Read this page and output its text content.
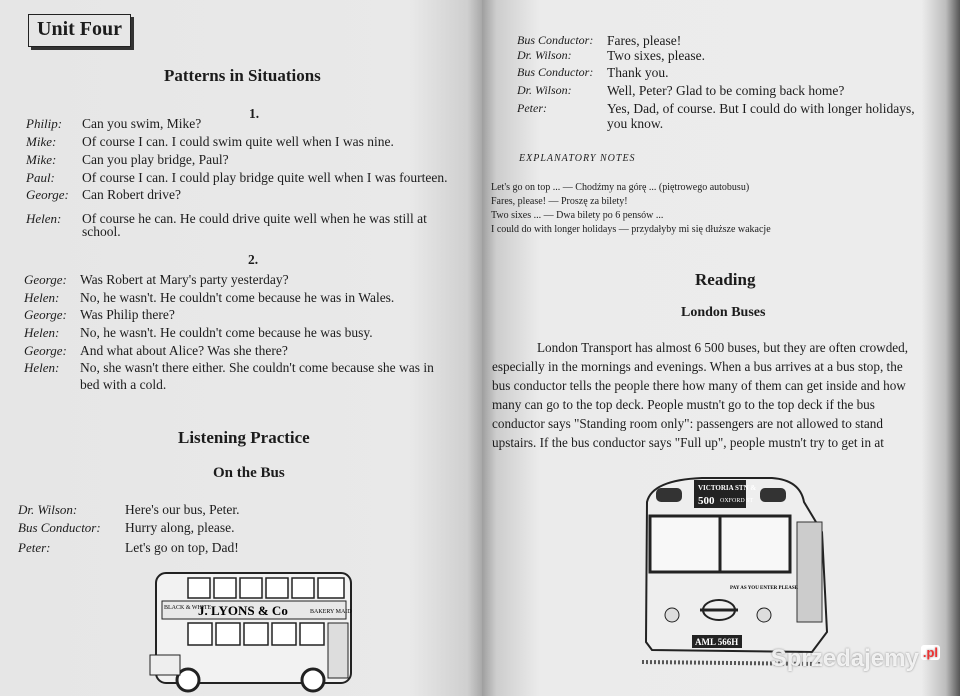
Unit Four
Patterns in Situations
1.
Philip: Can you swim, Mike?
Mike: Of course I can. I could swim quite well when I was nine.
Mike: Can you play bridge, Paul?
Paul: Of course I can. I could play bridge quite well when I was fourteen.
George: Can Robert drive?
Helen: Of course he can. He could drive quite well when he was still at
school.
2.
George: Was Robert at Mary's party yesterday?
Helen: No, he wasn't. He couldn't come because he was in Wales.
George: Was Philip there?
Helen: No, he wasn't. He couldn't come because he was busy.
George: And what about Alice? Was she there?
Helen: No, she wasn't there either. She couldn't come because she was in
bed with a cold.
Listening Practice
On the Bus
Dr. Wilson:	Here's our bus, Peter.
Bus Conductor: Hurry along, please.
Peter:	Let's go on top, Dad!
BLACK & WHITE
J. LYONS & Co	BAKERY MAID
Bus Conductor: Fares, please!
Dr. Wilson:	Two sixes, please.
Bus Conductor: Thank you.
Dr. Wilson:	Well, Peter? Glad to be coming back home?
Peter:	Yes, Dad, of course. But I could do with longer holidays,
you know.
EXPLANATORY NOTES
Let's go on top ... — Chodźmy na górę ... (piętrowego autobusu)
Fares, please! — Proszę za bilety!
Two sixes ... — Dwa bilety po 6 pensów ...
I could do with longer holidays — przydałyby mi się dłuższe wakacje
Reading
London Buses
London Transport has almost 6 500 buses, but they are often crowded,
especially in the mornings and evenings. When a bus arrives at a bus stop, the
bus conductor tells the people there how many of them can get inside and how
many can go to the top deck. People mustn't go to the top deck if the bus
conductor says "Standing room only": passengers are not allowed to stand
upstairs. If the bus conductor says "Full up", people mustn't try to get in at
VICTORIA STN &
500 OXFORD ST
PAY AS YOU ENTER PLEASE
AML 566H
Sprzedajemy $^{.pl}$
